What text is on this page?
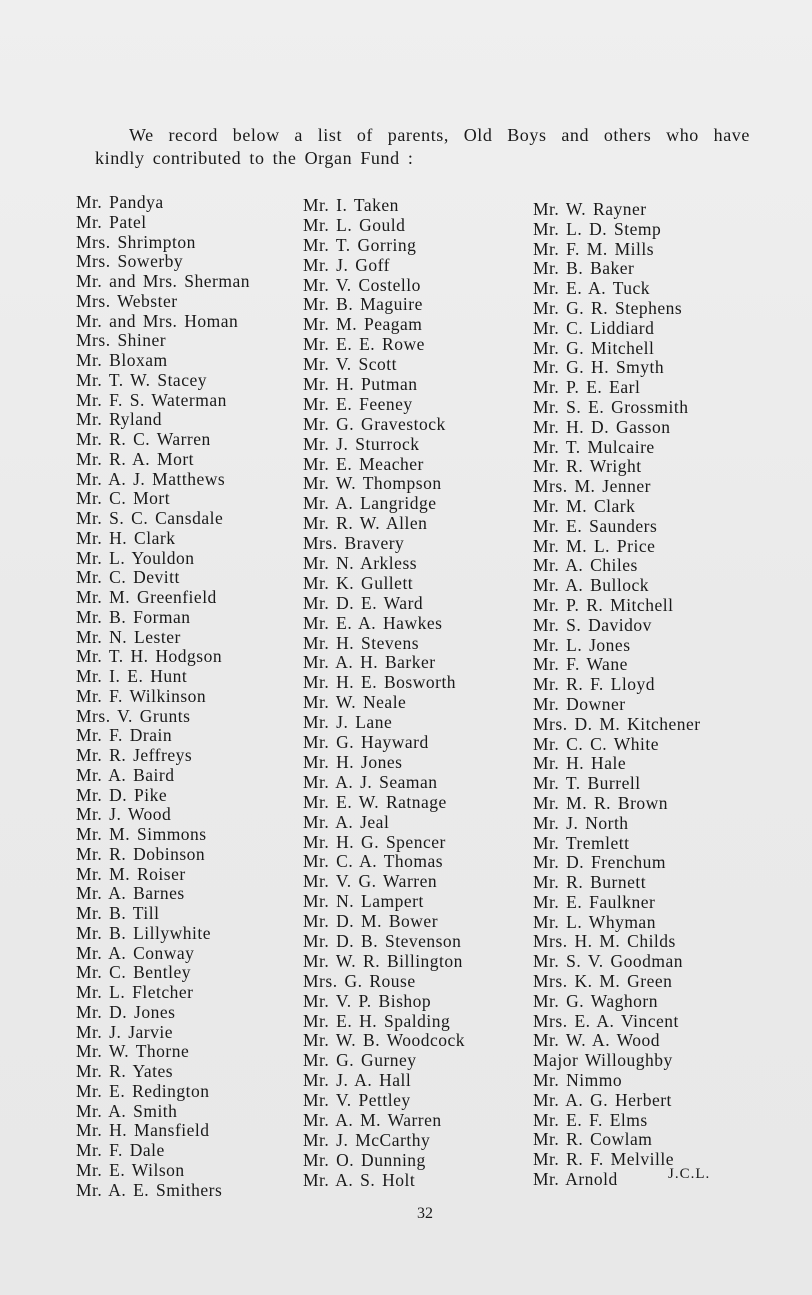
We record below a list of parents, Old Boys and others who have
kindly contributed to the Organ Fund :

Mr. Pandya
Mr. Patel
Mrs. Shrimpton
Mrs. Sowerby
Mr. and Mrs. Sherman
Mrs. Webster
Mr. and Mrs. Homan
Mrs. Shiner
Mr. Bloxam
Mr. T. W. Stacey
Mr. F. S. Waterman
Mr. Ryland
Mr. R. C. Warren
Mr. R. A. Mort
Mr. A. J. Matthews
Mr. C. Mort
Mr. S. C. Cansdale
Mr. H. Clark
Mr. L. Youldon
Mr. C. Devitt
Mr. M. Greenfield
Mr. B. Forman
Mr. N. Lester
Mr. T. H. Hodgson
Mr. I. E. Hunt
Mr. F. Wilkinson
Mrs. V. Grunts
Mr. F. Drain
Mr. R. Jeffreys
Mr. A. Baird
Mr. D. Pike
Mr. J. Wood
Mr. M. Simmons
Mr. R. Dobinson
Mr. M. Roiser
Mr. A. Barnes
Mr. B. Till
Mr. B. Lillywhite
Mr. A. Conway
Mr. C. Bentley
Mr. L. Fletcher
Mr. D. Jones
Mr. J. Jarvie
Mr. W. Thorne
Mr. R. Yates
Mr. E. Redington
Mr. A. Smith
Mr. H. Mansfield
Mr. F. Dale
Mr. E. Wilson
Mr. A. E. Smithers
Mr. I. Taken
Mr. L. Gould
Mr. T. Gorring
Mr. J. Goff
Mr. V. Costello
Mr. B. Maguire
Mr. M. Peagam
Mr. E. E. Rowe
Mr. V. Scott
Mr. H. Putman
Mr. E. Feeney
Mr. G. Gravestock
Mr. J. Sturrock
Mr. E. Meacher
Mr. W. Thompson
Mr. A. Langridge
Mr. R. W. Allen
Mrs. Bravery
Mr. N. Arkless
Mr. K. Gullett
Mr. D. E. Ward
Mr. E. A. Hawkes
Mr. H. Stevens
Mr. A. H. Barker
Mr. H. E. Bosworth
Mr. W. Neale
Mr. J. Lane
Mr. G. Hayward
Mr. H. Jones
Mr. A. J. Seaman
Mr. E. W. Ratnage
Mr. A. Jeal
Mr. H. G. Spencer
Mr. C. A. Thomas
Mr. V. G. Warren
Mr. N. Lampert
Mr. D. M. Bower
Mr. D. B. Stevenson
Mr. W. R. Billington
Mrs. G. Rouse
Mr. V. P. Bishop
Mr. E. H. Spalding
Mr. W. B. Woodcock
Mr. G. Gurney
Mr. J. A. Hall
Mr. V. Pettley
Mr. A. M. Warren
Mr. J. McCarthy
Mr. O. Dunning
Mr. A. S. Holt
Mr. W. Rayner
Mr. L. D. Stemp
Mr. F. M. Mills
Mr. B. Baker
Mr. E. A. Tuck
Mr. G. R. Stephens
Mr. C. Liddiard
Mr. G. Mitchell
Mr. G. H. Smyth
Mr. P. E. Earl
Mr. S. E. Grossmith
Mr. H. D. Gasson
Mr. T. Mulcaire
Mr. R. Wright
Mrs. M. Jenner
Mr. M. Clark
Mr. E. Saunders
Mr. M. L. Price
Mr. A. Chiles
Mr. A. Bullock
Mr. P. R. Mitchell
Mr. S. Davidov
Mr. L. Jones
Mr. F. Wane
Mr. R. F. Lloyd
Mr. Downer
Mrs. D. M. Kitchener
Mr. C. C. White
Mr. H. Hale
Mr. T. Burrell
Mr. M. R. Brown
Mr. J. North
Mr. Tremlett
Mr. D. Frenchum
Mr. R. Burnett
Mr. E. Faulkner
Mr. L. Whyman
Mrs. H. M. Childs
Mr. S. V. Goodman
Mrs. K. M. Green
Mr. G. Waghorn
Mrs. E. A. Vincent
Mr. W. A. Wood
Major Willoughby
Mr. Nimmo
Mr. A. G. Herbert
Mr. E. F. Elms
Mr. R. Cowlam
Mr. R. F. Melville
Mr. Arnold	J.C.L.
32
